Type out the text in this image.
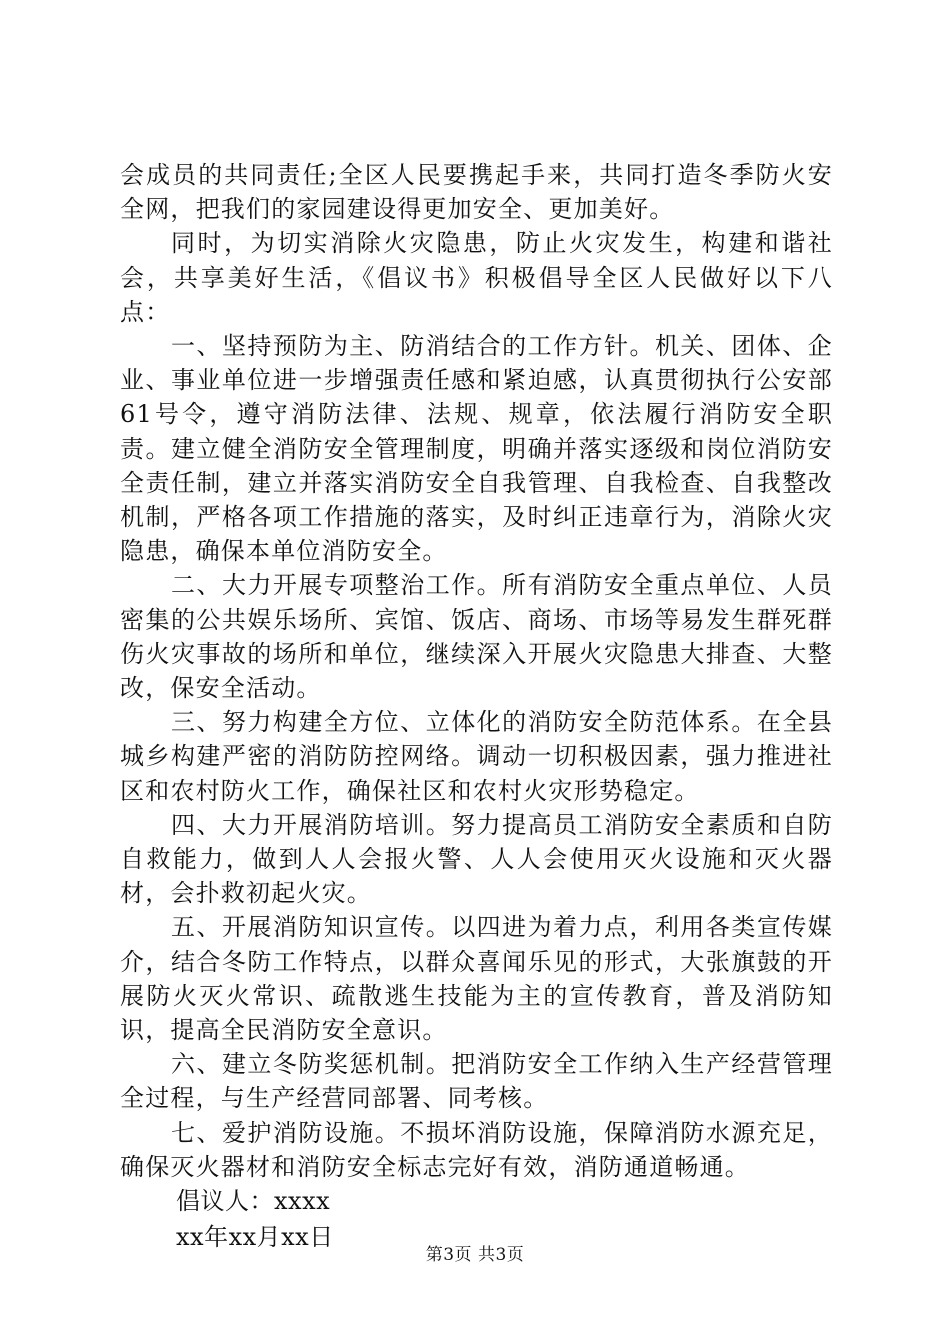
会成员的共同责任;全区人民要携起手来，共同打造冬季防火安全网，把我们的家园建设得更加安全、更加美好。

同时，为切实消除火灾隐患，防止火灾发生，构建和谐社会，共享美好生活，《倡议书》积极倡导全区人民做好以下八点：

一、坚持预防为主、防消结合的工作方针。机关、团体、企业、事业单位进一步增强责任感和紧迫感，认真贯彻执行公安部61号令，遵守消防法律、法规、规章，依法履行消防安全职责。建立健全消防安全管理制度，明确并落实逐级和岗位消防安全责任制，建立并落实消防安全自我管理、自我检查、自我整改机制，严格各项工作措施的落实，及时纠正违章行为，消除火灾隐患，确保本单位消防安全。

二、大力开展专项整治工作。所有消防安全重点单位、人员密集的公共娱乐场所、宾馆、饭店、商场、市场等易发生群死群伤火灾事故的场所和单位，继续深入开展火灾隐患大排查、大整改，保安全活动。

三、努力构建全方位、立体化的消防安全防范体系。在全县城乡构建严密的消防防控网络。调动一切积极因素，强力推进社区和农村防火工作，确保社区和农村火灾形势稳定。

四、大力开展消防培训。努力提高员工消防安全素质和自防自救能力，做到人人会报火警、人人会使用灭火设施和灭火器材，会扑救初起火灾。

五、开展消防知识宣传。以四进为着力点，利用各类宣传媒介，结合冬防工作特点，以群众喜闻乐见的形式，大张旗鼓的开展防火灭火常识、疏散逃生技能为主的宣传教育，普及消防知识，提高全民消防安全意识。

六、建立冬防奖惩机制。把消防安全工作纳入生产经营管理全过程，与生产经营同部署、同考核。

七、爱护消防设施。不损坏消防设施，保障消防水源充足，确保灭火器材和消防安全标志完好有效，消防通道畅通。

倡议人：xxxx

xx年xx月xx日

第3页 共3页
